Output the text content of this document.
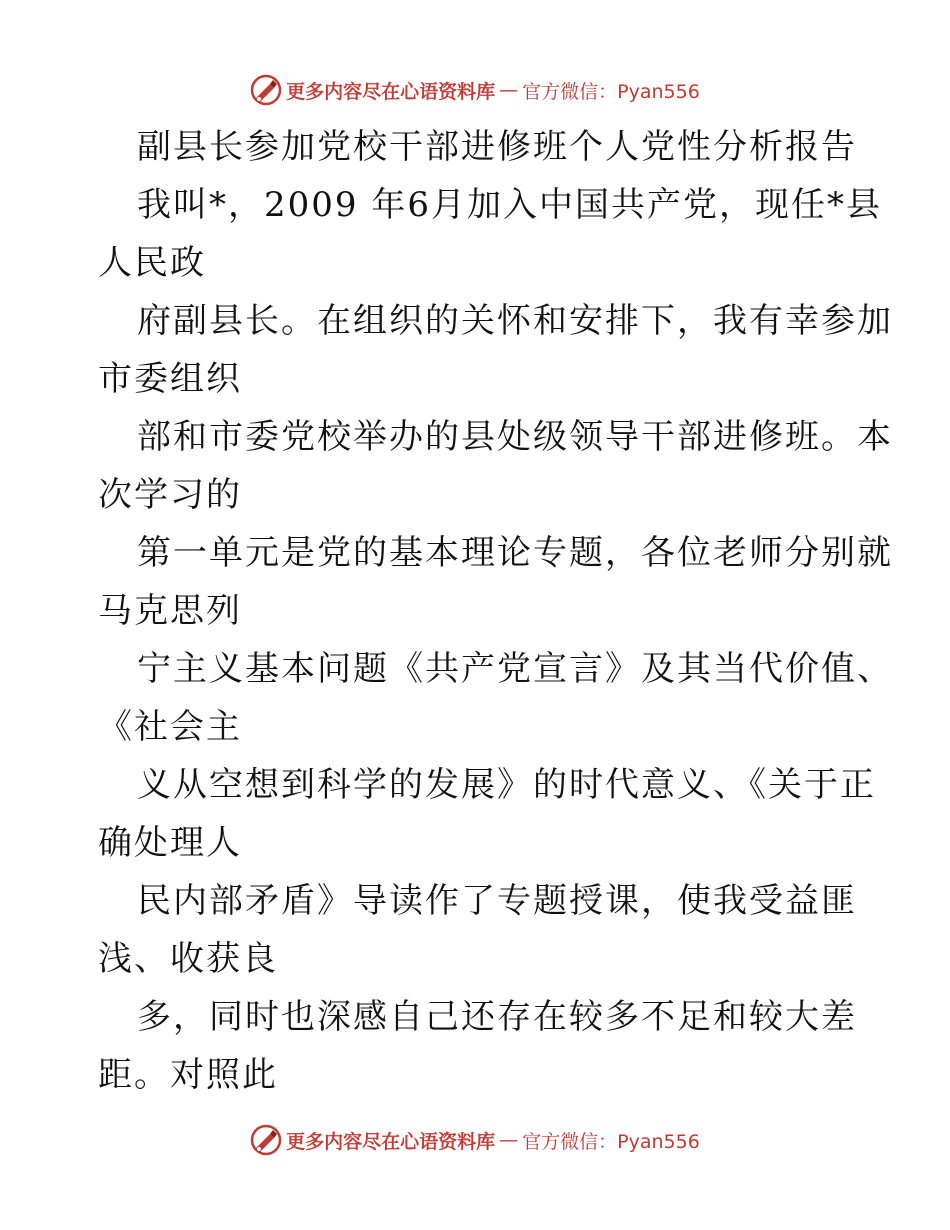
更多内容尽在心语资料库 — 官方微信：Pyan556
副县长参加党校干部进修班个人党性分析报告
我叫*，2009 年6月加入中国共产党，现任*县
人民政
府副县长。在组织的关怀和安排下，我有幸参加
市委组织
部和市委党校举办的县处级领导干部进修班。本
次学习的
第一单元是党的基本理论专题，各位老师分别就
马克思列
宁主义基本问题《共产党宣言》及其当代价值、
《社会主
义从空想到科学的发展》的时代意义、《关于正
确处理人
民内部矛盾》导读作了专题授课，使我受益匪
浅、收获良
多，同时也深感自己还存在较多不足和较大差
距。对照此
更多内容尽在心语资料库 — 官方微信：Pyan556
